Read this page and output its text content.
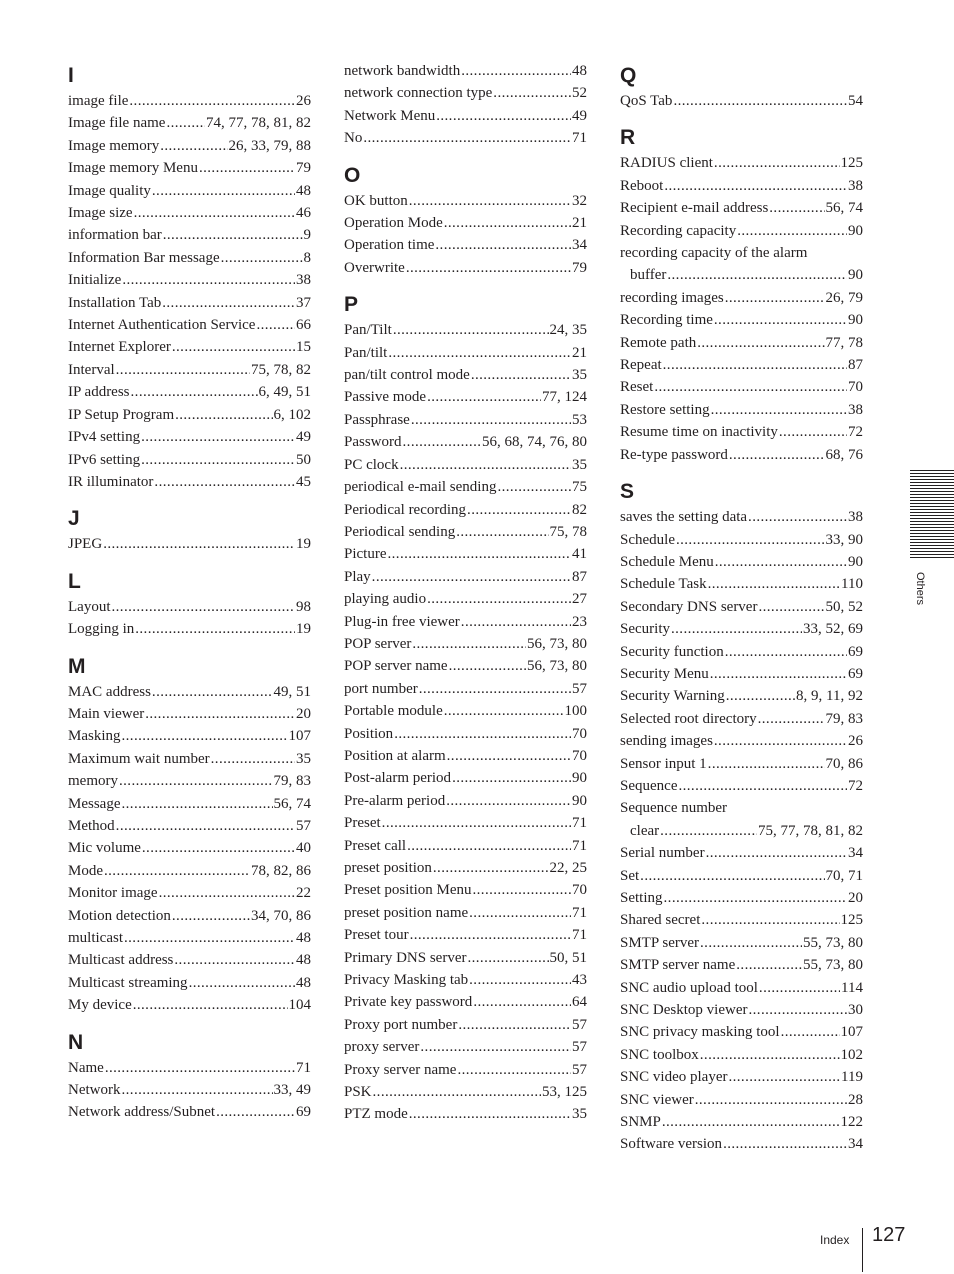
I
image file .....	26
Image file name .....	74, 77, 78, 81, 82
Image memory .....	26, 33, 79, 88
Image memory Menu .....	79
Image quality .....	48
Image size .....	46
information bar .....	9
Information Bar message .....	8
Initialize .....	38
Installation Tab .....	37
Internet Authentication Service .....	66
Internet Explorer .....	15
Interval .....	75, 78, 82
IP address .....	6, 49, 51
IP Setup Program .....	6, 102
IPv4 setting .....	49
IPv6 setting .....	50
IR illuminator .....	45
J
JPEG .....	19
L
Layout .....	98
Logging in .....	19
M
MAC address .....	49, 51
Main viewer .....	20
Masking .....	107
Maximum wait number .....	35
memory .....	79, 83
Message .....	56, 74
Method .....	57
Mic volume .....	40
Mode .....	78, 82, 86
Monitor image .....	22
Motion detection .....	34, 70, 86
multicast .....	48
Multicast address .....	48
Multicast streaming .....	48
My device .....	104
N
Name .....	71
Network .....	33, 49
Network address/Subnet .....	69
network bandwidth .....	48
network connection type .....	52
Network Menu .....	49
No .....	71
O
OK button .....	32
Operation Mode .....	21
Operation time .....	34
Overwrite .....	79
P
Pan/Tilt .....	24, 35
Pan/tilt .....	21
pan/tilt control mode .....	35
Passive mode .....	77, 124
Passphrase .....	53
Password .....	56, 68, 74, 76, 80
PC clock .....	35
periodical e-mail sending .....	75
Periodical recording .....	82
Periodical sending .....	75, 78
Picture .....	41
Play .....	87
playing audio .....	27
Plug-in free viewer .....	23
POP server .....	56, 73, 80
POP server name .....	56, 73, 80
port number .....	57
Portable module .....	100
Position .....	70
Position at alarm .....	70
Post-alarm period .....	90
Pre-alarm period .....	90
Preset .....	71
Preset call .....	71
preset position .....	22, 25
Preset position Menu .....	70
preset position name .....	71
Preset tour .....	71
Primary DNS server .....	50, 51
Privacy Masking tab .....	43
Private key password .....	64
Proxy port number .....	57
proxy server .....	57
Proxy server name .....	57
PSK .....	53, 125
PTZ mode .....	35
Q
QoS Tab .....	54
R
RADIUS client .....	125
Reboot .....	38
Recipient e-mail address .....	56, 74
Recording capacity .....	90
recording capacity of the alarm
buffer .....	90
recording images .....	26, 79
Recording time .....	90
Remote path .....	77, 78
Repeat .....	87
Reset .....	70
Restore setting .....	38
Resume time on inactivity .....	72
Re-type password .....	68, 76
S
saves the setting data .....	38
Schedule .....	33, 90
Schedule Menu .....	90
Schedule Task .....	110
Secondary DNS server .....	50, 52
Security .....	33, 52, 69
Security function .....	69
Security Menu .....	69
Security Warning .....	8, 9, 11, 92
Selected root directory .....	79, 83
sending images .....	26
Sensor input 1 .....	70, 86
Sequence .....	72
Sequence number
clear .....	75, 77, 78, 81, 82
Serial number .....	34
Set .....	70, 71
Setting .....	20
Shared secret .....	125
SMTP server .....	55, 73, 80
SMTP server name .....	55, 73, 80
SNC audio upload tool .....	114
SNC Desktop viewer .....	30
SNC privacy masking tool .....	107
SNC toolbox .....	102
SNC video player .....	119
SNC viewer .....	28
SNMP .....	122
Software version .....	34
Others
Index 127
